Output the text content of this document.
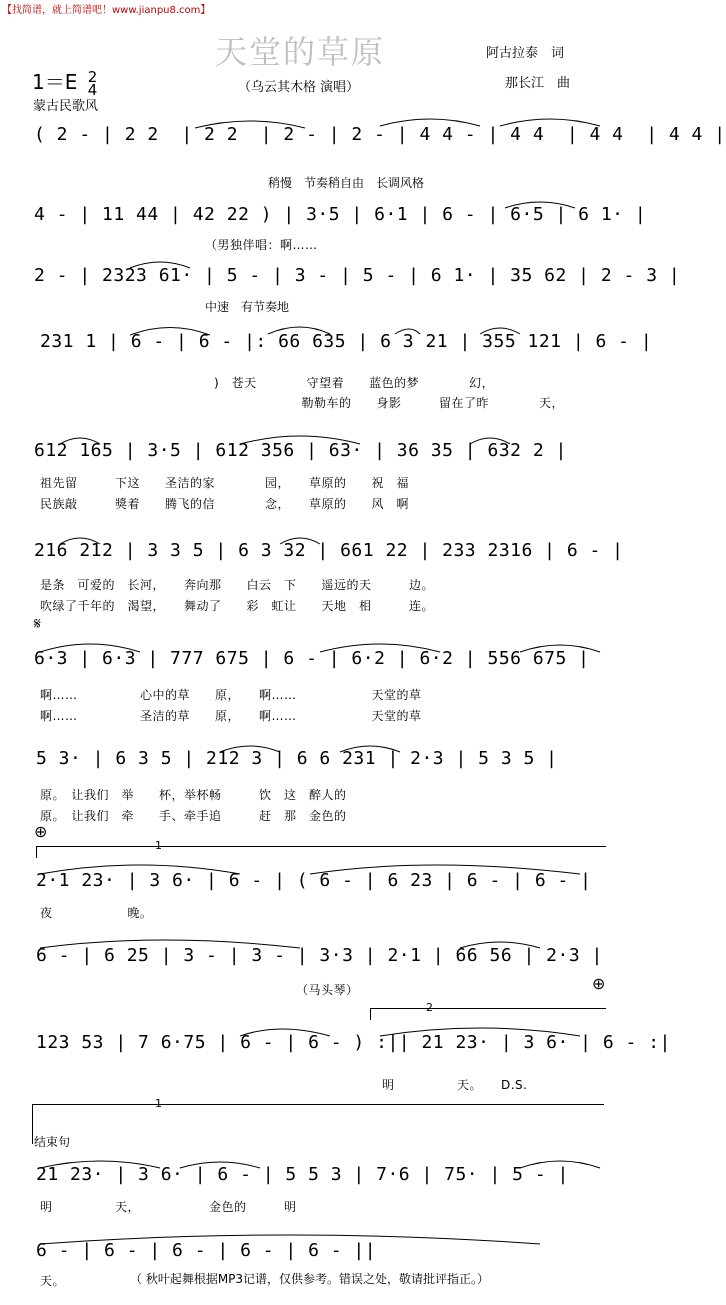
【找简谱，就上简谱吧！www.jianpu8.com】
天堂的草原	阿古拉泰　词
那长江　曲
1＝E 2
4	（乌云其木格 演唱）
蒙古民歌风
( 2 - | 2 2  | 2 2  | 2 - | 2 - | 4 4 - | 4 4  | 4 4  | 4 4 |
稍慢　节奏稍自由　长调风格
4 - | 11 44 | 42 22 ) | 3·5 | 6·1 | 6 - | 6·5 | 6 1· |
（男独伴唱：啊……
2 - | 2323 61· | 5 - | 3 - | 5 - | 6 1· | 35 62 | 2 - 3 |
中速　有节奏地
231 1 | 6 - | 6 - |: 66 635 | 6 3 21 | 355 121 | 6 - |
)　苍天　　　　守望着　　蓝色的梦　　　　幻，
　　　　　　　勒勒车的　　身影　　　留在了昨　　　　天，
612 165 | 3·5 | 612 356 | 63· | 36 35 | 632 2 |
祖先留　　　下这　　圣洁的家　　　　园，　　草原的　　祝　福
民族敲　　　獎着　　腾飞的信　　　　念，　　草原的　　风　啊
216 212 | 3 3 5 | 6 3 32 | 661 22 | 233 2316 | 6 - |
是条　可爱的　长河，　　奔向那　　白云　下　　遥远的天　　　边。
吹绿了千年的　渴望，　　舞动了　　彩　虹让　　天地　相　　　连。
𝄋
6·3 | 6·3 | 777 675 | 6 - | 6·2 | 6·2 | 556 675 |
啊……　　　　　心中的草　　原，　　啊……　　　　　　天堂的草
啊……　　　　　圣洁的草　　原，　　啊……　　　　　　天堂的草
5 3· | 6 3 5 | 212 3 | 6 6 231 | 2·3 | 5 3 5 |
原。　让我们　举　　杯，举杯畅　　　饮　这　醉人的
原。　让我们　牵　　手、牵手追　　　赶　那　金色的
⊕
1
2·1 23· | 3 6· | 6 - | ( 6 - | 6 23 | 6 - | 6 - |
夜　　　　　　晚。
6 - | 6 25 | 3 - | 3 - | 3·3 | 2·1 | 66 56 | 2·3 |
（马头琴）	⊕
2
123 53 | 7 6·75 | 6 - | 6 - ) :|| 21 23· | 3 6· | 6 - :|
明　　　　　天。　　D.S.
1
结束句
21 23· | 3 6· | 6 - | 5 5 3 | 7·6 | 75· | 5 - |
明　　　　　天，　　　　　　金色的　　　明
6 - | 6 - | 6 - | 6 - | 6 - ||
天。	（ 秋叶起舞根据MP3记谱，仅供参考。错误之处，敬请批评指正。）
